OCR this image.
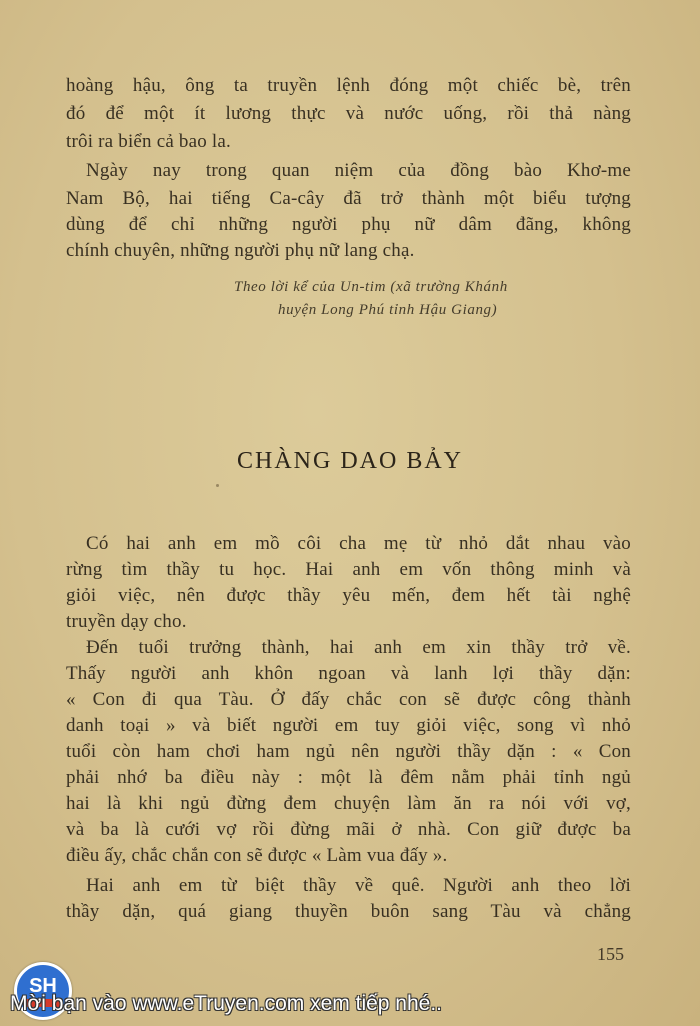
hoàng hậu, ông ta truyền lệnh đóng một chiếc bè, trên
đó để một ít lương thực và nước uống, rồi thả nàng
trôi ra biển cả bao la.
Ngày nay trong quan niệm của đồng bào Khơ-me
Nam Bộ, hai tiếng Ca-cây đã trở thành một biểu tượng
dùng để chỉ những người phụ nữ dâm đãng, không
chính chuyên, những người phụ nữ lang chạ.
Theo lời kể của Un-tim (xã trường Khánh
huyện Long Phú tỉnh Hậu Giang)
CHÀNG DAO BẢY
Có hai anh em mồ côi cha mẹ từ nhỏ dắt nhau vào
rừng tìm thầy tu học. Hai anh em vốn thông minh và
giỏi việc, nên được thầy yêu mến, đem hết tài nghệ
truyền dạy cho.
Đến tuổi trưởng thành, hai anh em xin thầy trở về.
Thấy người anh khôn ngoan và lanh lợi thầy dặn:
« Con đi qua Tàu. Ở đấy chắc con sẽ được công thành
danh toại » và biết người em tuy giỏi việc, song vì nhỏ
tuổi còn ham chơi ham ngủ nên người thầy dặn : « Con
phải nhớ ba điều này : một là đêm nằm phải tỉnh ngủ
hai là khi ngủ đừng đem chuyện làm ăn ra nói với vợ,
và ba là cưới vợ rồi đừng mãi ở nhà. Con giữ được ba
điều ấy, chắc chắn con sẽ được « Làm vua đấy ».
Hai anh em từ biệt thầy về quê. Người anh theo lời
thầy dặn, quá giang thuyền buôn sang Tàu và chẳng
155
SH
Mời bạn vào www.eTruyen.com xem tiếp nhé..
